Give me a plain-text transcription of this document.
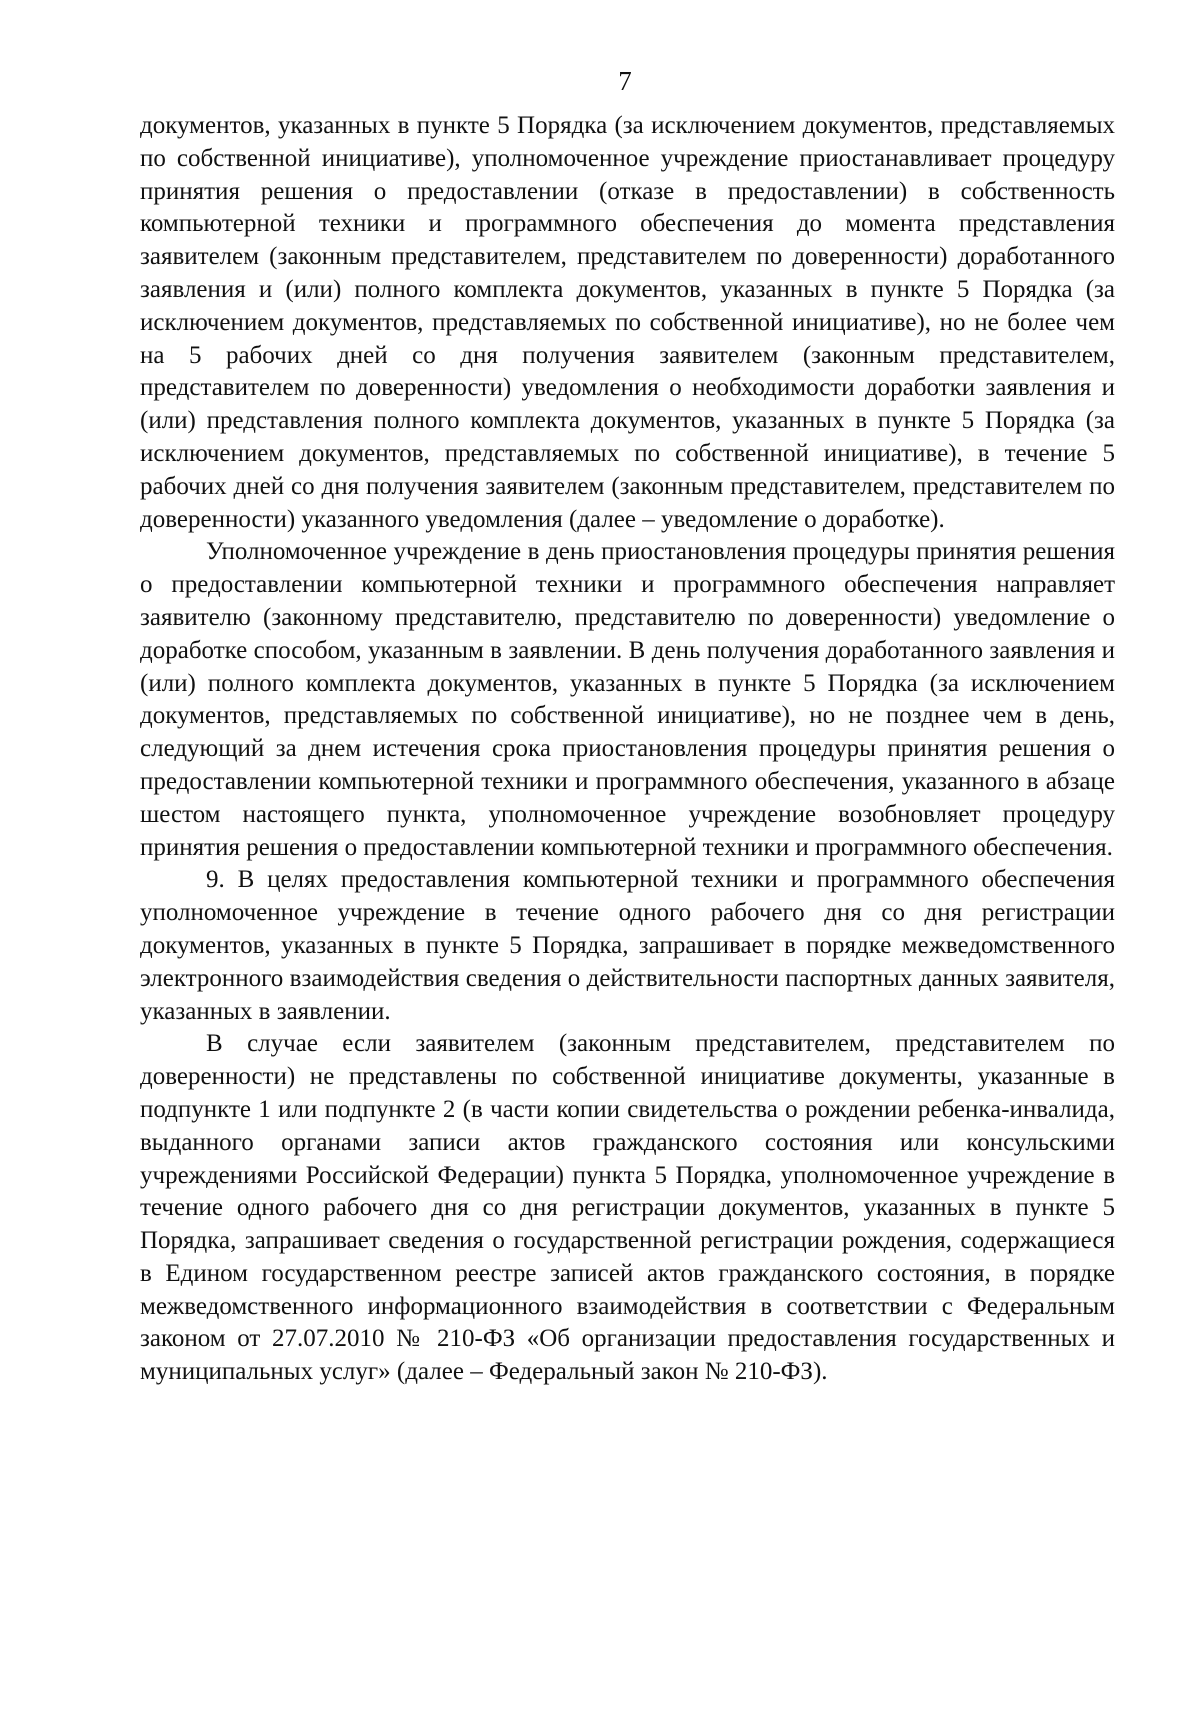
7

документов, указанных в пункте 5 Порядка (за исключением документов, представляемых по собственной инициативе), уполномоченное учреждение приостанавливает процедуру принятия решения о предоставлении (отказе в предоставлении) в собственность компьютерной техники и программного обеспечения до момента представления заявителем (законным представителем, представителем по доверенности) доработанного заявления и (или) полного комплекта документов, указанных в пункте 5 Порядка (за исключением документов, представляемых по собственной инициативе), но не более чем на 5 рабочих дней со дня получения заявителем (законным представителем, представителем по доверенности) уведомления о необходимости доработки заявления и (или) представления полного комплекта документов, указанных в пункте 5 Порядка (за исключением документов, представляемых по собственной инициативе), в течение 5 рабочих дней со дня получения заявителем (законным представителем, представителем по доверенности) указанного уведомления (далее – уведомление о доработке).

Уполномоченное учреждение в день приостановления процедуры принятия решения о предоставлении компьютерной техники и программного обеспечения направляет заявителю (законному представителю, представителю по доверенности) уведомление о доработке способом, указанным в заявлении. В день получения доработанного заявления и (или) полного комплекта документов, указанных в пункте 5 Порядка (за исключением документов, представляемых по собственной инициативе), но не позднее чем в день, следующий за днем истечения срока приостановления процедуры принятия решения о предоставлении компьютерной техники и программного обеспечения, указанного в абзаце шестом настоящего пункта, уполномоченное учреждение возобновляет процедуру принятия решения о предоставлении компьютерной техники и программного обеспечения.

9. В целях предоставления компьютерной техники и программного обеспечения уполномоченное учреждение в течение одного рабочего дня со дня регистрации документов, указанных в пункте 5 Порядка, запрашивает в порядке межведомственного электронного взаимодействия сведения о действительности паспортных данных заявителя, указанных в заявлении.

В случае если заявителем (законным представителем, представителем по доверенности) не представлены по собственной инициативе документы, указанные в подпункте 1 или подпункте 2 (в части копии свидетельства о рождении ребенка-инвалида, выданного органами записи актов гражданского состояния или консульскими учреждениями Российской Федерации) пункта 5 Порядка, уполномоченное учреждение в течение одного рабочего дня со дня регистрации документов, указанных в пункте 5 Порядка, запрашивает сведения о государственной регистрации рождения, содержащиеся в Едином государственном реестре записей актов гражданского состояния, в порядке межведомственного информационного взаимодействия в соответствии с Федеральным законом от 27.07.2010 № 210-ФЗ «Об организации предоставления государственных и муниципальных услуг» (далее – Федеральный закон № 210-ФЗ).
